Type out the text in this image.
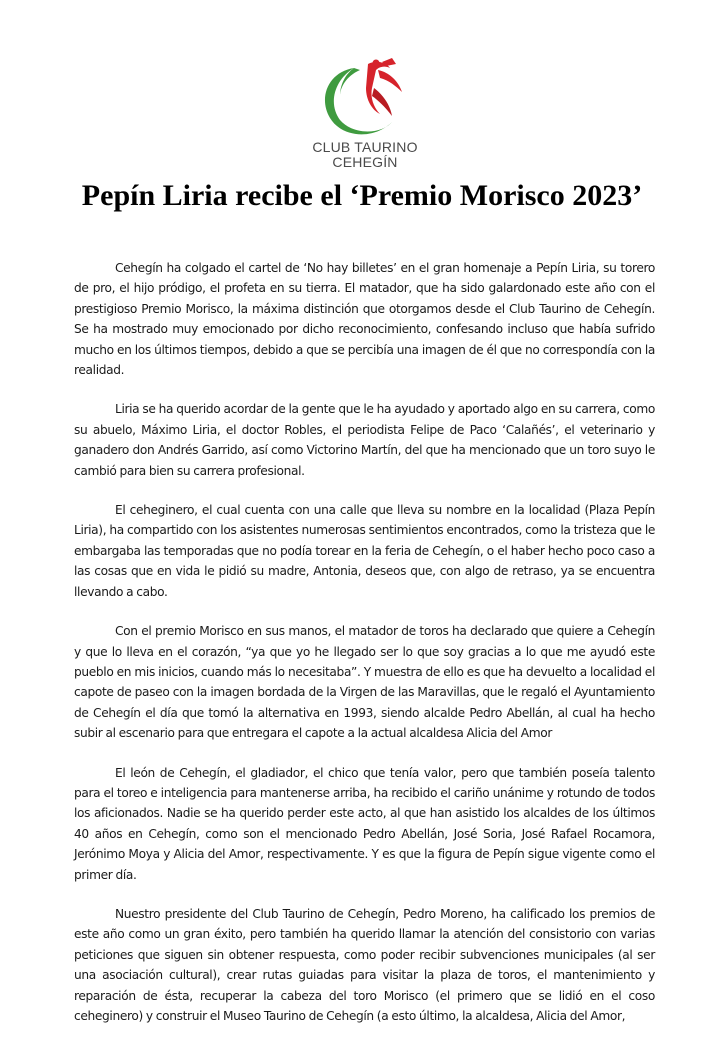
CLUB TAURINO
CEHEGÍN
Pepín Liria recibe el ‘Premio Morisco 2023’

Cehegín ha colgado el cartel de ‘No hay billetes’ en el gran homenaje a Pepín Liria, su torero de pro, el hijo pródigo, el profeta en su tierra. El matador, que ha sido galardonado este año con el prestigioso Premio Morisco, la máxima distinción que otorgamos desde el Club Taurino de Cehegín. Se ha mostrado muy emocionado por dicho reconocimiento, confesando incluso que había sufrido mucho en los últimos tiempos, debido a que se percibía una imagen de él que no correspondía con la realidad.

Liria se ha querido acordar de la gente que le ha ayudado y aportado algo en su carrera, como su abuelo, Máximo Liria, el doctor Robles, el periodista Felipe de Paco ‘Calañés’, el veterinario y ganadero don Andrés Garrido, así como Victorino Martín, del que ha mencionado que un toro suyo le cambió para bien su carrera profesional.

El ceheginero, el cual cuenta con una calle que lleva su nombre en la localidad (Plaza Pepín Liria), ha compartido con los asistentes numerosas sentimientos encontrados, como la tristeza que le embargaba las temporadas que no podía torear en la feria de Cehegín, o el haber hecho poco caso a las cosas que en vida le pidió su madre, Antonia, deseos que, con algo de retraso, ya se encuentra llevando a cabo.

Con el premio Morisco en sus manos, el matador de toros ha declarado que quiere a Cehegín y que lo lleva en el corazón, “ya que yo he llegado ser lo que soy gracias a lo que me ayudó este pueblo en mis inicios, cuando más lo necesitaba”. Y muestra de ello es que ha devuelto a localidad el capote de paseo con la imagen bordada de la Virgen de las Maravillas, que le regaló el Ayuntamiento de Cehegín el día que tomó la alternativa en 1993, siendo alcalde Pedro Abellán, al cual ha hecho subir al escenario para que entregara el capote a la actual alcaldesa Alicia del Amor

El león de Cehegín, el gladiador, el chico que tenía valor, pero que también poseía talento para el toreo e inteligencia para mantenerse arriba, ha recibido el cariño unánime y rotundo de todos los aficionados. Nadie se ha querido perder este acto, al que han asistido los alcaldes de los últimos 40 años en Cehegín, como son el mencionado Pedro Abellán, José Soria, José Rafael Rocamora, Jerónimo Moya y Alicia del Amor, respectivamente. Y es que la figura de Pepín sigue vigente como el primer día.

Nuestro presidente del Club Taurino de Cehegín, Pedro Moreno, ha calificado los premios de este año como un gran éxito, pero también ha querido llamar la atención del consistorio con varias peticiones que siguen sin obtener respuesta, como poder recibir subvenciones municipales (al ser una asociación cultural), crear rutas guiadas para visitar la plaza de toros, el mantenimiento y reparación de ésta, recuperar la cabeza del toro Morisco (el primero que se lidió en el coso ceheginero) y construir el Museo Taurino de Cehegín (a esto último, la alcaldesa, Alicia del Amor,
